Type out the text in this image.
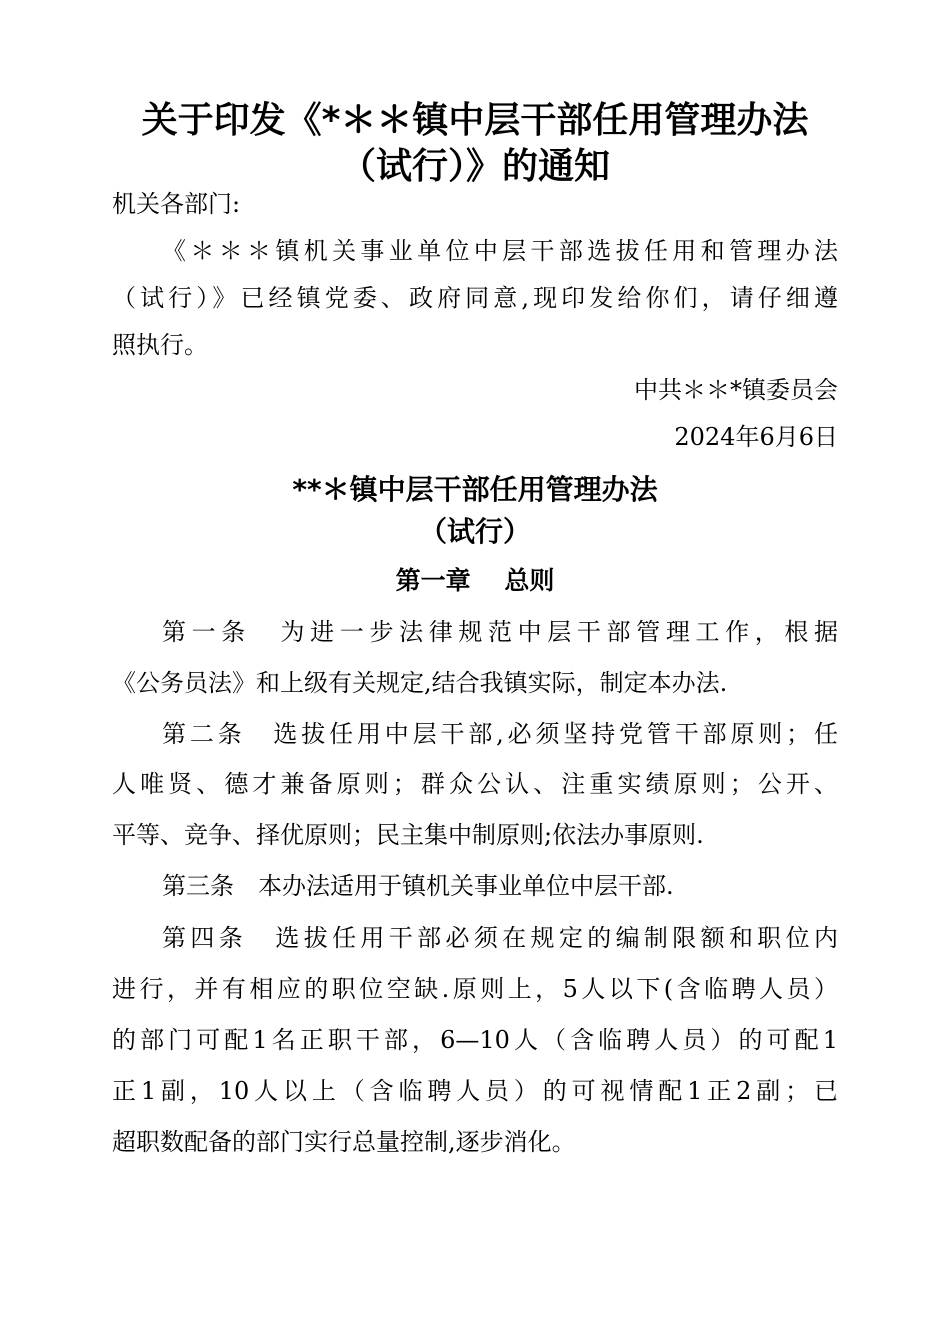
关于印发《*＊＊镇中层干部任用管理办法
（试行）》的通知

机关各部门:

《＊＊＊镇机关事业单位中层干部选拔任用和管理办法

（试行）》已经镇党委、政府同意,现印发给你们，请仔细遵

照执行。

中共＊＊*镇委员会

2024年6月6日

**＊镇中层干部任用管理办法

（试行）

第一章　 总则

第一条　为进一步法律规范中层干部管理工作，根据

《公务员法》和上级有关规定,结合我镇实际，制定本办法.

第二条　选拔任用中层干部,必须坚持党管干部原则；任

人唯贤、德才兼备原则；群众公认、注重实绩原则；公开、

平等、竞争、择优原则；民主集中制原则;依法办事原则.

第三条　本办法适用于镇机关事业单位中层干部.

第四条　选拔任用干部必须在规定的编制限额和职位内

进行，并有相应的职位空缺.原则上，5人以下(含临聘人员）

的部门可配1名正职干部，6—10人（含临聘人员）的可配1

正1副，10人以上（含临聘人员）的可视情配1正2副；已

超职数配备的部门实行总量控制,逐步消化。
